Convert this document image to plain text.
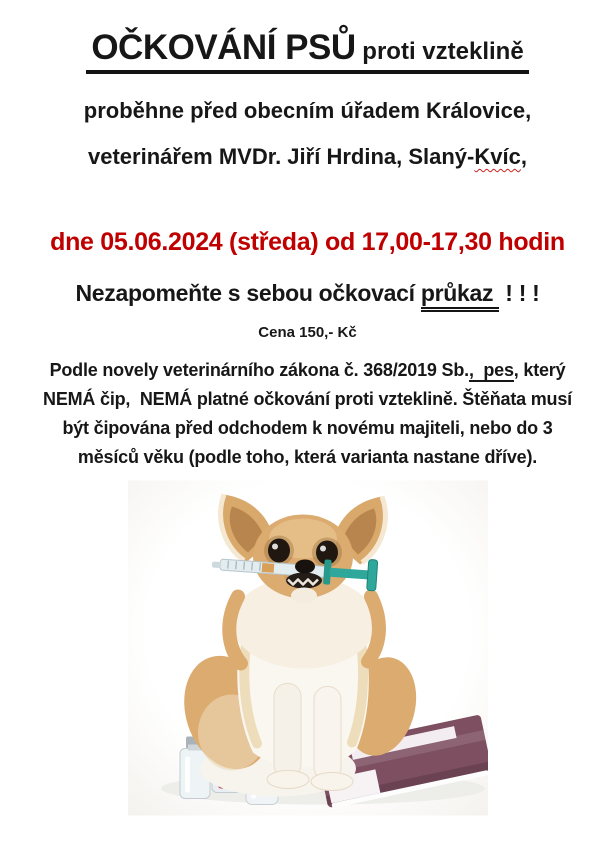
OČKOVÁNÍ PSŮ proti vzteklině

proběhne před obecním úřadem Královice,

veterinářem MVDr. Jiří Hrdina, Slaný-Kvíc,

dne 05.06.2024 (středa) od 17,00-17,30 hodin

Nezapomeňte s sebou očkovací průkaz ! ! !

Cena 150,- Kč

Podle novely veterinárního zákona č. 368/2019 Sb.,  pes, který

NEMÁ čip,  NEMÁ platné očkování proti vzteklině. Štěňata musí

být čipována před odchodem k novému majiteli, nebo do 3

měsíců věku (podle toho, která varianta nastane dříve).
